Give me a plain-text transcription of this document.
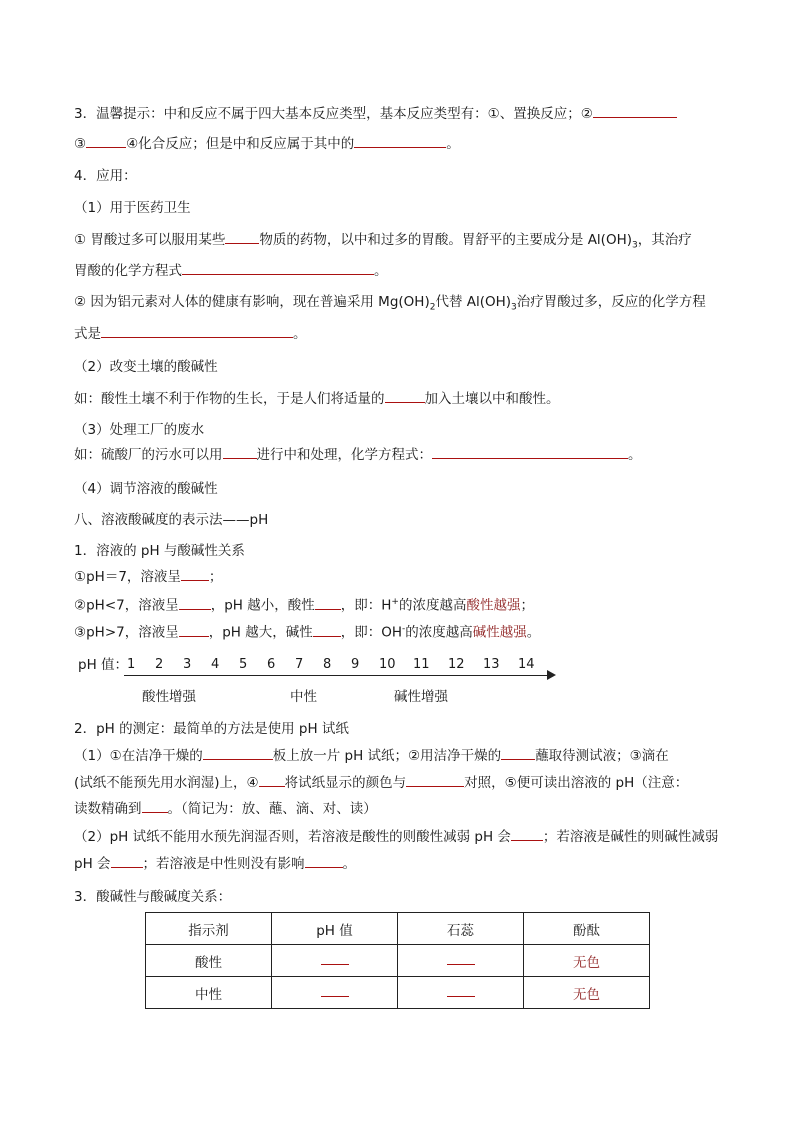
3．温馨提示：中和反应不属于四大基本反应类型，基本反应类型有：①、置换反应；②
③	④化合反应；但是中和反应属于其中的	。
4．应用：
（1）用于医药卫生
① 胃酸过多可以服用某些	物质的药物，以中和过多的胃酸。胃舒平的主要成分是 $Al(OH)_3$，其治疗
胃酸的化学方程式	。
② 因为铝元素对人体的健康有影响，现在普遍采用 $Mg(OH)_2$代替 $Al(OH)_3$治疗胃酸过多，反应的化学方程
式是	。
（2）改变土壤的酸碱性
如：酸性土壤不利于作物的生长，于是人们将适量的	加入土壤以中和酸性。
（3）处理工厂的废水
如：硫酸厂的污水可以用	进行中和处理，化学方程式：	。
（4）调节溶液的酸碱性
八、溶液酸碱度的表示法——pH
1．溶液的 pH 与酸碱性关系
①pH＝7，溶液呈 ；
②pH<7，溶液呈 ，pH 越小，酸性 ，即：H+的浓度越高酸性越强；
③pH>7，溶液呈 ，pH 越大，碱性 ，即：OH-的浓度越高碱性越强。
pH 值：
1 2 3 4 5 6 7 8 9 10 11 12 13 14
酸性增强	中性	碱性增强
2．pH 的测定：最简单的方法是使用 pH 试纸
（1）①在洁净干燥的	板上放一片 pH 试纸；②用洁净干燥的	蘸取待测试液；③滴在
(试纸不能预先用水润湿)上，④ 将试纸显示的颜色与	对照，⑤便可读出溶液的 pH（注意：
读数精确到 。（简记为：放、蘸、滴、对、读）
（2）pH 试纸不能用水预先润湿否则，若溶液是酸性的则酸性减弱 pH 会 ；若溶液是碱性的则碱性减弱
pH 会 ；若溶液是中性则没有影响	。
3．酸碱性与酸碱度关系：
指示剂	pH 值	石蕊	酚酞
酸性			无色
中性			无色
